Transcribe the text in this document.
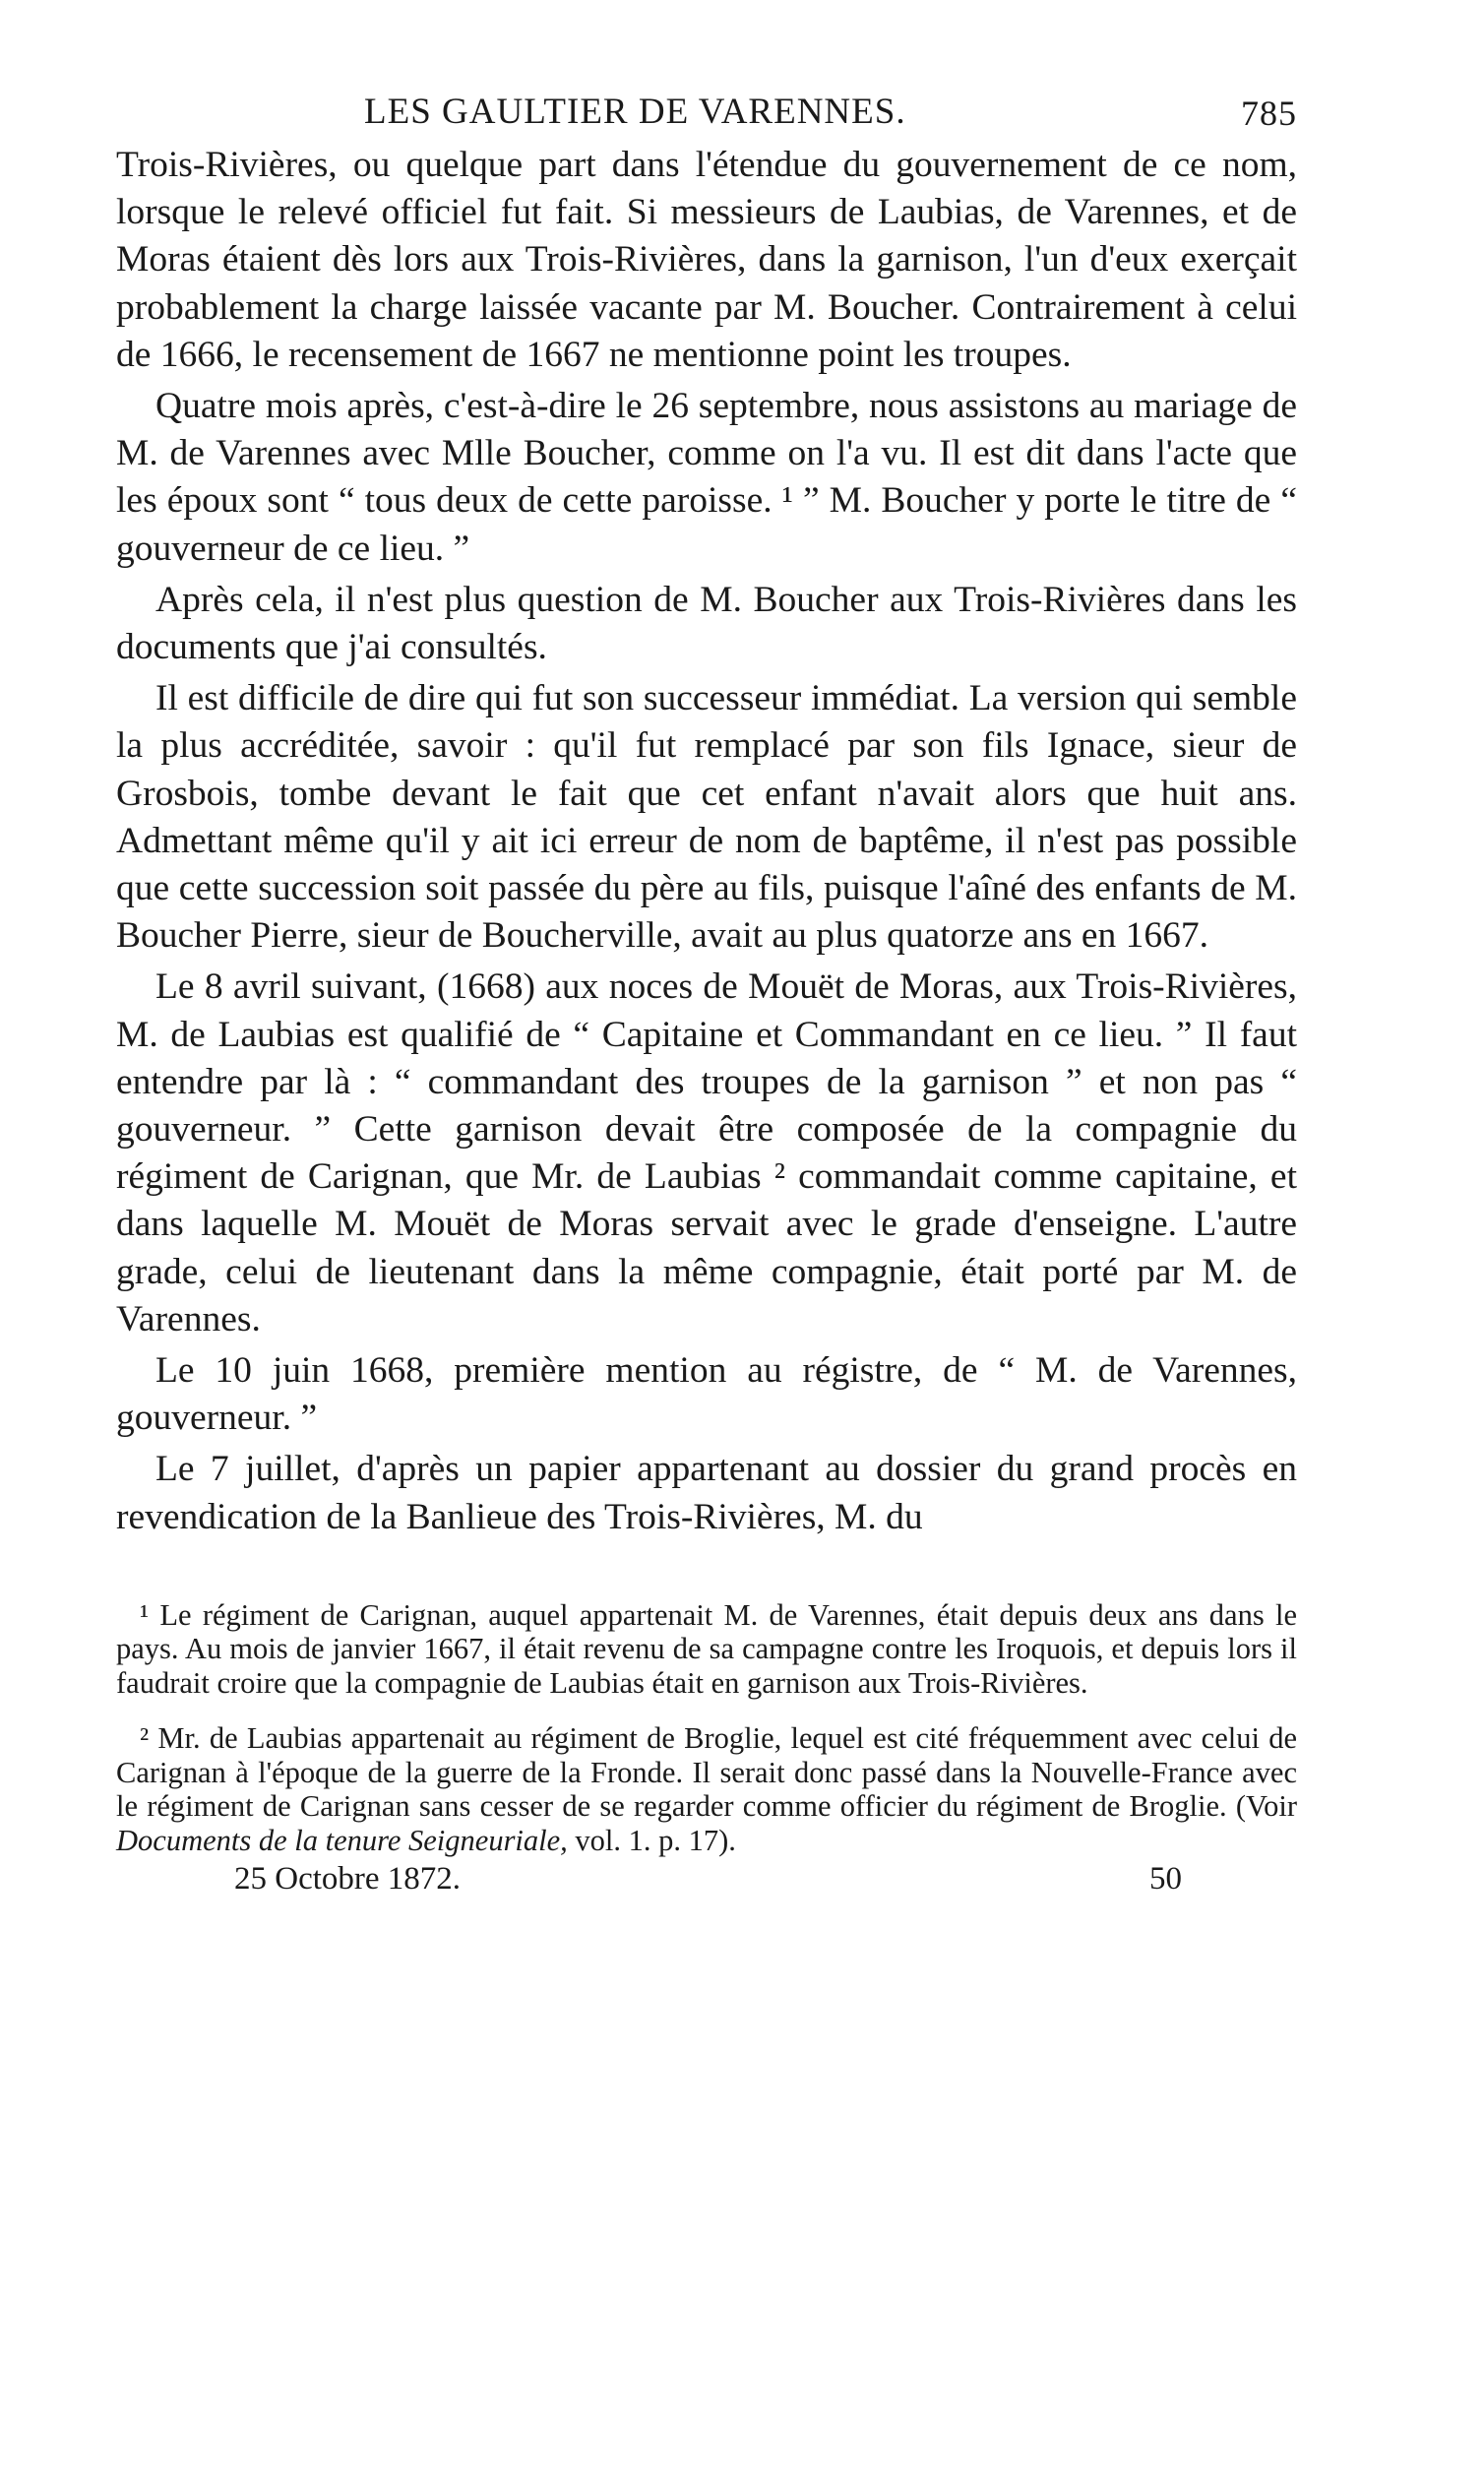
LES GAULTIER DE VARENNES.	785

Trois-Rivières, ou quelque part dans l'étendue du gouvernement de ce nom, lorsque le relevé officiel fut fait. Si messieurs de Laubias, de Varennes, et de Moras étaient dès lors aux Trois-Rivières, dans la garnison, l'un d'eux exerçait probablement la charge laissée vacante par M. Boucher. Contrairement à celui de 1666, le recensement de 1667 ne mentionne point les troupes.

Quatre mois après, c'est-à-dire le 26 septembre, nous assistons au mariage de M. de Varennes avec Mlle Boucher, comme on l'a vu. Il est dit dans l'acte que les époux sont “ tous deux de cette paroisse. ¹ ” M. Boucher y porte le titre de “ gouverneur de ce lieu. ”

Après cela, il n'est plus question de M. Boucher aux Trois-Rivières dans les documents que j'ai consultés.

Il est difficile de dire qui fut son successeur immédiat. La version qui semble la plus accréditée, savoir : qu'il fut remplacé par son fils Ignace, sieur de Grosbois, tombe devant le fait que cet enfant n'avait alors que huit ans. Admettant même qu'il y ait ici erreur de nom de baptême, il n'est pas possible que cette succession soit passée du père au fils, puisque l'aîné des enfants de M. Boucher Pierre, sieur de Boucherville, avait au plus quatorze ans en 1667.

Le 8 avril suivant, (1668) aux noces de Mouët de Moras, aux Trois-Rivières, M. de Laubias est qualifié de “ Capitaine et Commandant en ce lieu. ” Il faut entendre par là : “ commandant des troupes de la garnison ” et non pas “ gouverneur. ” Cette garnison devait être composée de la compagnie du régiment de Carignan, que Mr. de Laubias ² commandait comme capitaine, et dans laquelle M. Mouët de Moras servait avec le grade d'enseigne. L'autre grade, celui de lieutenant dans la même compagnie, était porté par M. de Varennes.

Le 10 juin 1668, première mention au régistre, de “ M. de Varennes, gouverneur. ”

Le 7 juillet, d'après un papier appartenant au dossier du grand procès en revendication de la Banlieue des Trois-Rivières, M. du

¹ Le régiment de Carignan, auquel appartenait M. de Varennes, était depuis deux ans dans le pays. Au mois de janvier 1667, il était revenu de sa campagne contre les Iroquois, et depuis lors il faudrait croire que la compagnie de Laubias était en garnison aux Trois-Rivières.

² Mr. de Laubias appartenait au régiment de Broglie, lequel est cité fréquemment avec celui de Carignan à l'époque de la guerre de la Fronde. Il serait donc passé dans la Nouvelle-France avec le régiment de Carignan sans cesser de se regarder comme officier du régiment de Broglie. (Voir Documents de la tenure Seigneuriale, vol. 1. p. 17).

25 Octobre 1872.	50
